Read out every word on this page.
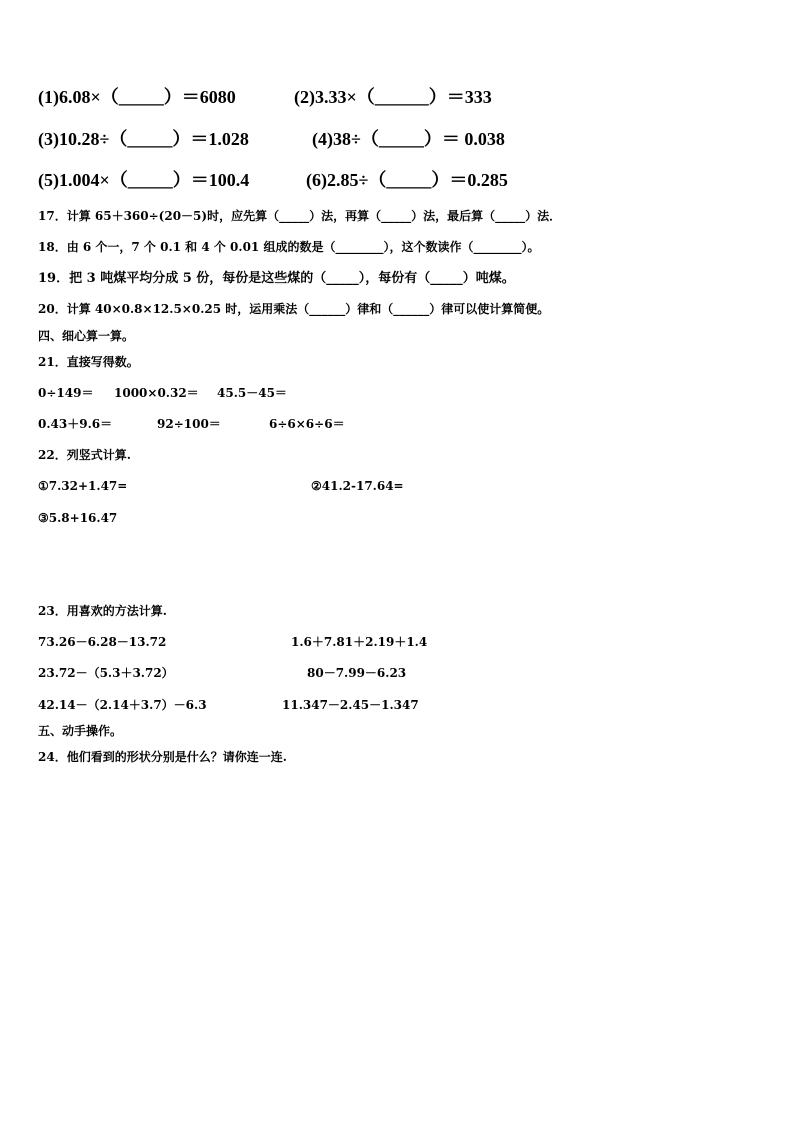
(1)6.08×（_____）＝6080	(2)3.33×（______）＝333
(3)10.28÷（_____）＝1.028	(4)38÷（_____）＝ 0.038
(5)1.004×（_____）＝100.4	(6)2.85÷（_____）＝0.285
17．计算 65＋360÷(20－5)时，应先算（_____）法，再算（_____）法，最后算（_____）法．
18．由 6 个一，7 个 0.1 和 4 个 0.01 组成的数是（________），这个数读作（________）。
19．把 3 吨煤平均分成 5 份，每份是这些煤的（_____），每份有（_____）吨煤。
20．计算 40×0.8×12.5×0.25 时，运用乘法（______）律和（______）律可以使计算简便。
四、细心算一算。
21．直接写得数。
0÷149＝ 1000×0.32＝ 45.5－45＝
0.43＋9.6＝	92÷100＝	6÷6×6÷6＝
22．列竖式计算.
①7.32+1.47=	②41.2-17.64=
③5.8+16.47
23．用喜欢的方法计算.
73.26－6.28－13.72	1.6＋7.81＋2.19＋1.4
23.72－（5.3＋3.72）	80－7.99－6.23
42.14－（2.14＋3.7）－6.3	11.347－2.45－1.347
五、动手操作。
24．他们看到的形状分别是什么？请你连一连.
